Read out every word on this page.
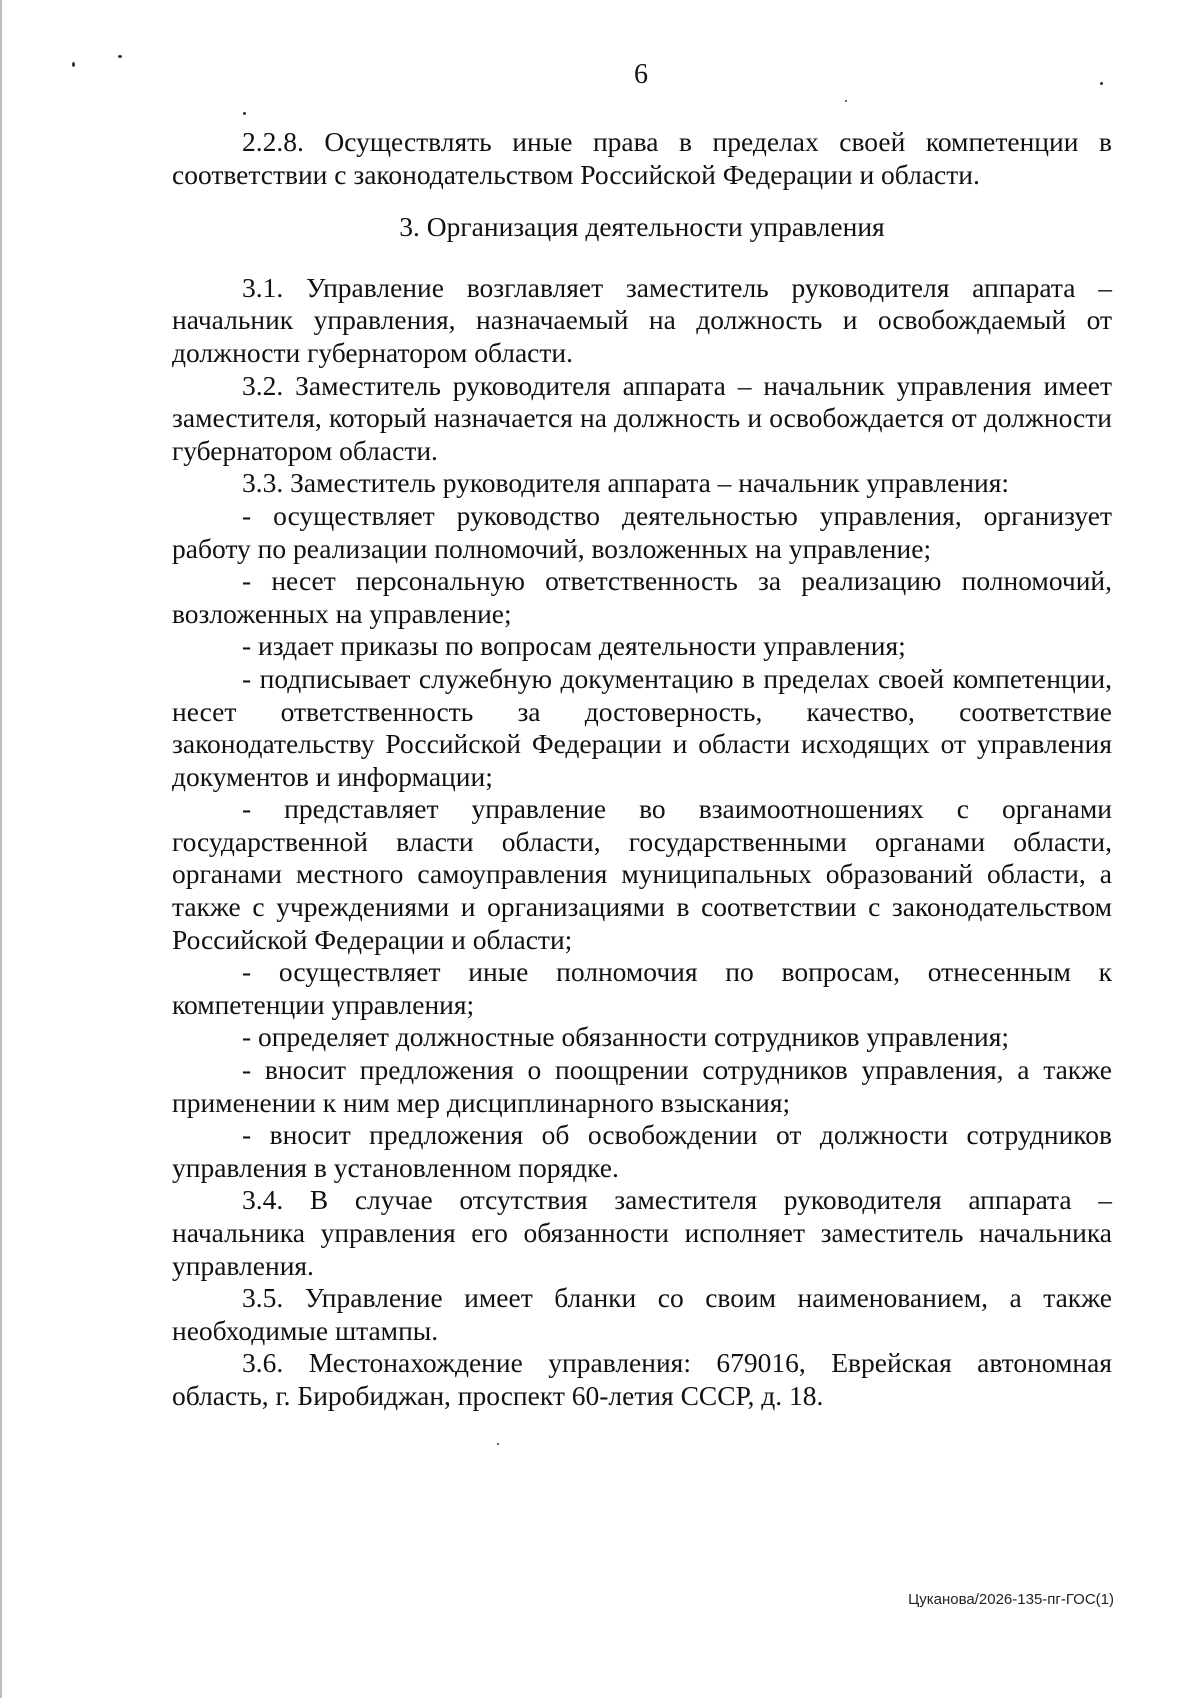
6

2.2.8. Осуществлять иные права в пределах своей компетенции в соответствии с законодательством Российской Федерации и области.

3. Организация деятельности управления

3.1. Управление возглавляет заместитель руководителя аппарата – начальник управления, назначаемый на должность и освобождаемый от должности губернатором области.

3.2. Заместитель руководителя аппарата – начальник управления имеет заместителя, который назначается на должность и освобождается от должности губернатором области.

3.3. Заместитель руководителя аппарата – начальник управления:

- осуществляет руководство деятельностью управления, организует работу по реализации полномочий, возложенных на управление;

- несет персональную ответственность за реализацию полномочий, возложенных на управление;

- издает приказы по вопросам деятельности управления;

- подписывает служебную документацию в пределах своей компетенции, несет ответственность за достоверность, качество, соответствие законодательству Российской Федерации и области исходящих от управления документов и информации;

- представляет управление во взаимоотношениях с органами государственной власти области, государственными органами области, органами местного самоуправления муниципальных образований области, а также с учреждениями и организациями в соответствии с законодательством Российской Федерации и области;

- осуществляет иные полномочия по вопросам, отнесенным к компетенции управления;

- определяет должностные обязанности сотрудников управления;

- вносит предложения о поощрении сотрудников управления, а также применении к ним мер дисциплинарного взыскания;

- вносит предложения об освобождении от должности сотрудников управления в установленном порядке.

3.4. В случае отсутствия заместителя руководителя аппарата – начальника управления его обязанности исполняет заместитель начальника управления.

3.5. Управление имеет бланки со своим наименованием, а также необходимые штампы.

3.6. Местонахождение управления: 679016, Еврейская автономная область, г. Биробиджан, проспект 60-летия СССР, д. 18.

Цуканова/2026-135-пг-ГОС(1)
